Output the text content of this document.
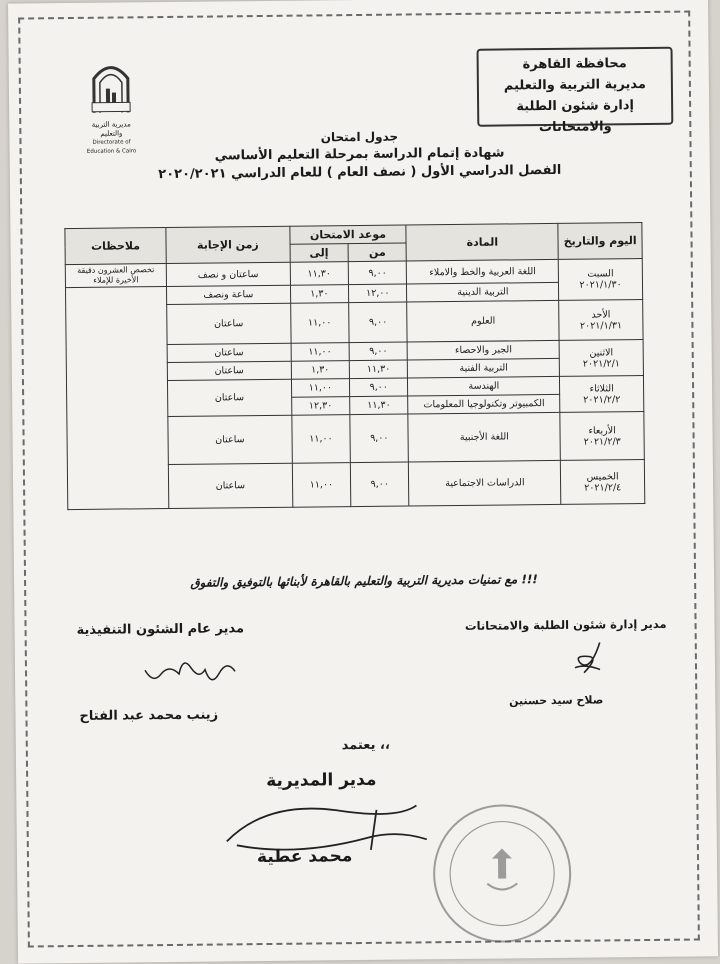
محافظة القاهرة
مديرية التربية والتعليم
إدارة شئون الطلبة والامتحانات
مديرية التربية والتعليم
Directorate of Education & Cairo
جدول امتحان
شهادة إتمام الدراسة بمرحلة التعليم الأساسي
الفصل الدراسي الأول ( نصف العام ) للعام الدراسي ٢٠٢٠/٢٠٢١
اليوم والتاريخ	المادة	موعد الامتحان		زمن الإجابة	ملاحظات
		من	إلى		

السبت
٢٠٢١/١/٣٠	اللغة العربية والخط والاملاء	٩,٠٠	١١,٣٠	ساعتان و نصف	تخصص العشرون دقيقة الأخيرة للإملاء
	التربية الدينية	١٢,٠٠	١,٣٠	ساعة ونصف	

الأحد
٢٠٢١/١/٣١	العلوم	٩,٠٠	١١,٠٠	ساعتان	

الاثنين
٢٠٢١/٢/١	الجبر والاحصاء	٩,٠٠	١١,٠٠	ساعتان	
	التربية الفنية	١١,٣٠	١,٣٠	ساعتان	

الثلاثاء
٢٠٢١/٢/٢	الهندسة	٩,٠٠	١١,٠٠	ساعتان	
	الكمبيوتر وتكنولوجيا المعلومات	١١,٣٠	١٢,٣٠		

الأربعاء
٢٠٢١/٢/٣	اللغة الأجنبية	٩,٠٠	١١,٠٠	ساعتان	

الخميس
٢٠٢١/٢/٤	الدراسات الاجتماعية	٩,٠٠	١١,٠٠	ساعتان	
مع تمنيات مديرية التربية والتعليم بالقاهرة لأبنائها بالتوفيق والتفوق !!!
مدير عام الشئون التنفيذية	مدير إدارة شئون الطلبة والامتحانات
زينب محمد عبد الفتاح
صلاح سيد حسنين
يعتمد ،،
مدير المديرية
محمد عطية
